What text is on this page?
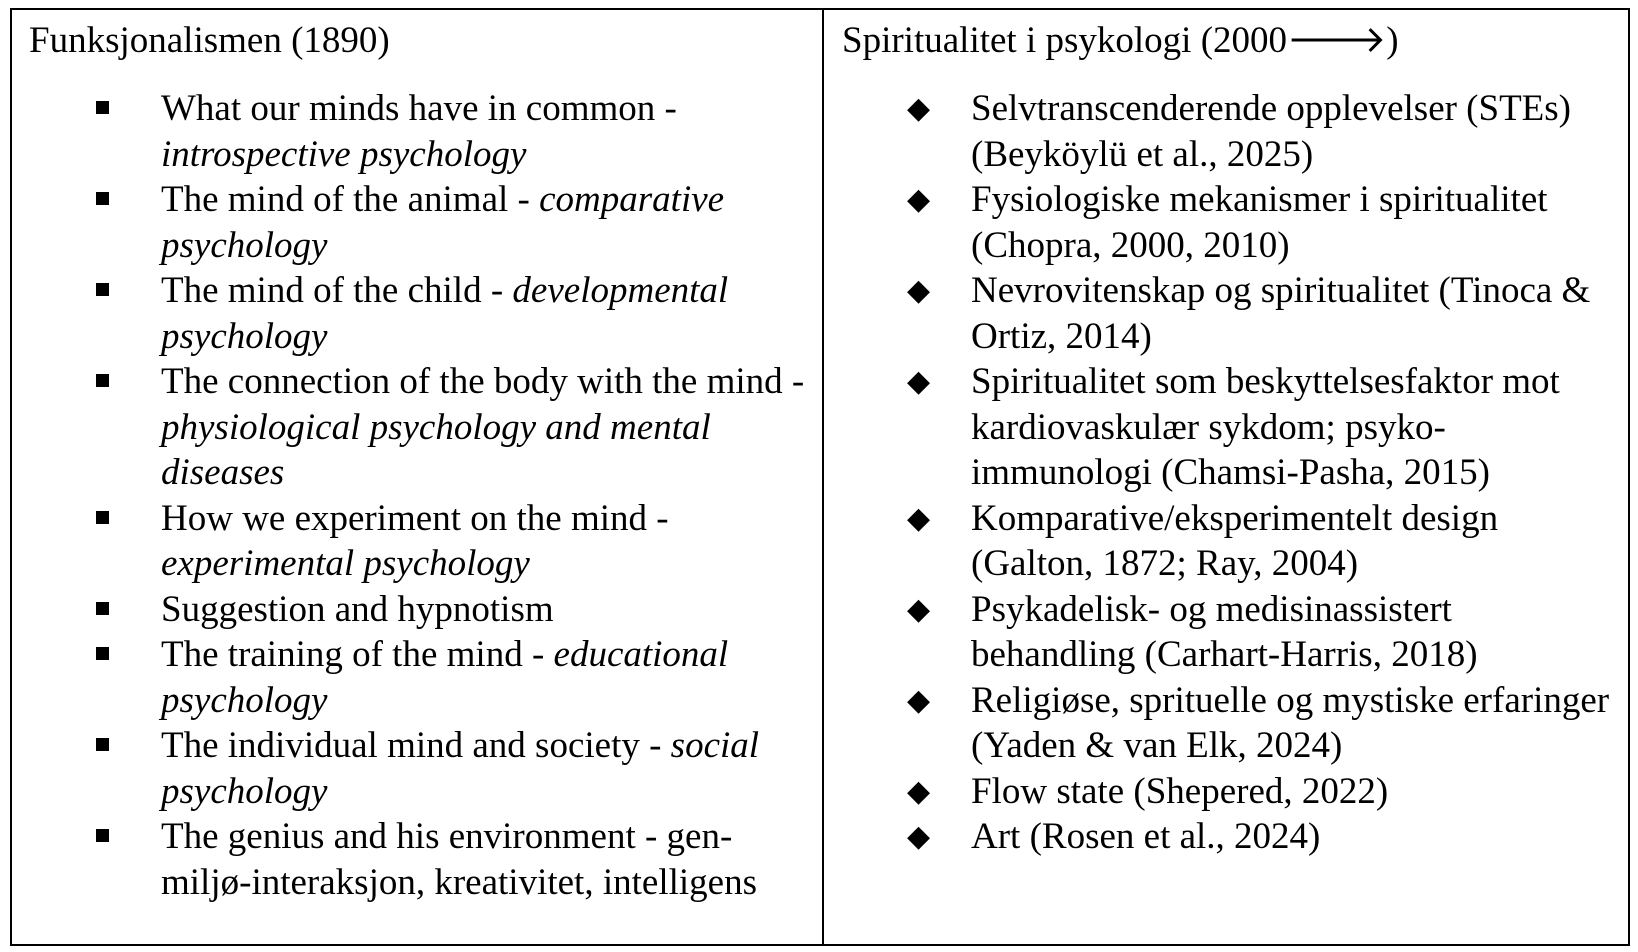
Funksjonalismen (1890)
What our minds have in common - introspective psychology
The mind of the animal - comparative psychology
The mind of the child - developmental psychology
The connection of the body with the mind - physiological psychology and mental diseases
How we experiment on the mind - experimental psychology
Suggestion and hypnotism
The training of the mind - educational psychology
The individual mind and society - social psychology
The genius and his environment - gen-miljø-interaksjon, kreativitet, intelligens
Spiritualitet i psykologi (2000🡒)
◆ Selvtranscenderende opplevelser (STEs) (Beyköylü et al., 2025)
◆ Fysiologiske mekanismer i spiritualitet (Chopra, 2000, 2010)
◆ Nevrovitenskap og spiritualitet (Tinoca & Ortiz, 2014)
◆ Spiritualitet som beskyttelsesfaktor mot kardiovaskulær sykdom; psyko-immunologi (Chamsi-Pasha, 2015)
◆ Komparative/eksperimentelt design (Galton, 1872; Ray, 2004)
◆ Psykadelisk- og medisinassistert behandling (Carhart-Harris, 2018)
◆ Religiøse, sprituelle og mystiske erfaringer (Yaden & van Elk, 2024)
◆ Flow state (Shepered, 2022)
◆ Art (Rosen et al., 2024)
